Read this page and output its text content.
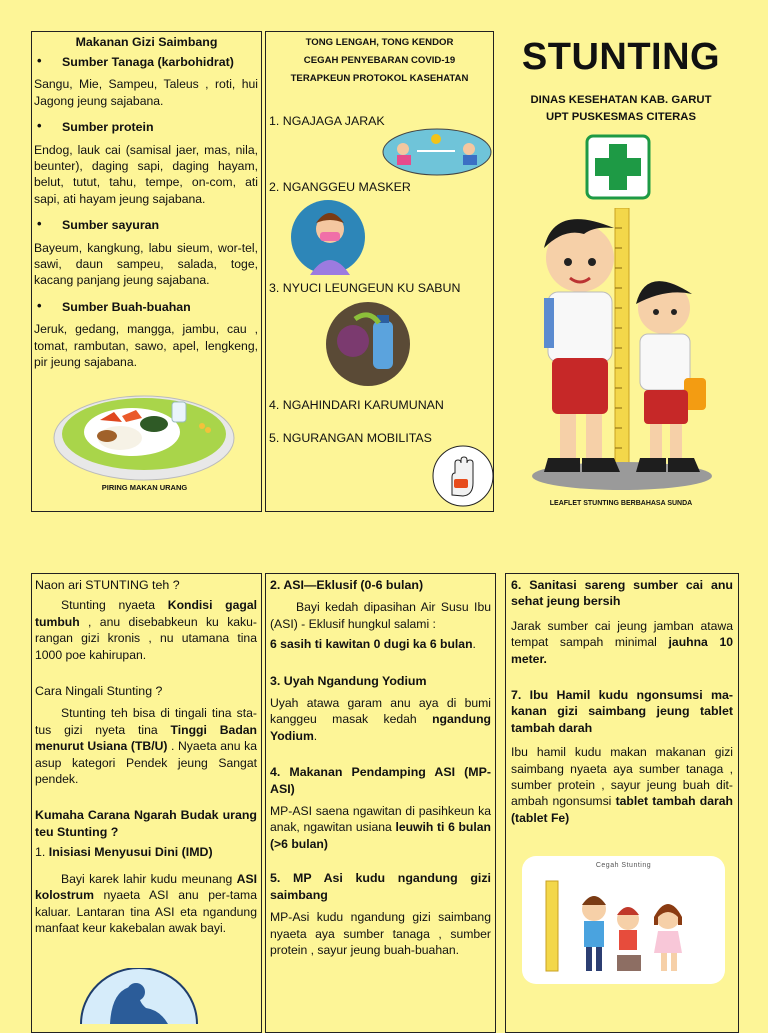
Makanan Gizi Saimbang

• Sumber Tanaga (karbohidrat)

Sangu, Mie, Sampeu, Taleus , roti, hui Jagong jeung sajabana.

• Sumber protein

Endog, lauk cai (samisal jaer, mas, nila, beunter), daging sapi, daging hayam, belut, tutut, tahu, tempe, on-com, ati sapi, ati hayam jeung sajabana.

• Sumber sayuran

Bayeum, kangkung, labu sieum, wor-tel, sawi, daun sampeu, salada, toge, kacang panjang jeung sajabana.

• Sumber Buah-buahan

Jeruk, gedang, mangga, jambu, cau , tomat, rambutan, sawo, apel, lengkeng, pir jeung sajabana.

PIRING MAKAN URANG
TONG LENGAH, TONG KENDOR
CEGAH PENYEBARAN COVID-19
TERAPKEUN PROTOKOL KASEHATAN
1. NGAJAGA JARAK
2. NGANGGEU MASKER
3. NYUCI LEUNGEUN KU SABUN
4. NGAHINDARI KARUMUNAN
5. NGURANGAN MOBILITAS
STUNTING
DINAS KESEHATAN KAB. GARUT
UPT PUSKESMAS CITERAS
LEAFLET STUNTING BERBAHASA SUNDA
Naon ari STUNTING teh ?

Stunting nyaeta Kondisi gagal tumbuh , anu disebabkeun ku kaku-rangan gizi kronis , nu utamana tina 1000 poe kahirupan.

Cara Ningali Stunting ?

Stunting teh bisa di tingali tina sta-tus gizi nyeta tina Tinggi Badan menurut Usiana (TB/U) . Nyaeta anu ka asup kategori Pendek jeung Sangat pendek.

Kumaha Carana Ngarah Budak urang teu Stunting ?
1. Inisiasi Menyusui Dini (IMD)

Bayi karek lahir kudu meunang ASI kolostrum nyaeta ASI anu per-tama kaluar. Lantaran tina ASI eta ngandung manfaat keur kakebalan awak bayi.

2. ASI—Eklusif (0-6 bulan)

Bayi kedah dipasihan Air Susu Ibu (ASI) - Eklusif hungkul salami :

6 sasih ti kawitan 0 dugi ka 6 bulan.
3. Uyah Ngandung Yodium

Uyah atawa garam anu aya di bumi kanggeu masak kedah ngandung Yodium.

4. Makanan Pendamping ASI (MP-ASI)

MP-ASI saena ngawitan di pasihkeun ka anak, ngawitan usiana leuwih ti 6 bulan (>6 bulan)

5. MP Asi kudu ngandung gizi saimbang

MP-Asi kudu ngandung gizi saimbang nyaeta aya sumber tanaga , sumber protein , sayur jeung buah-buahan.

6. Sanitasi sareng sumber cai anu sehat jeung bersih

Jarak sumber cai jeung jamban atawa tempat sampah minimal jauhna 10 meter.

7. Ibu Hamil kudu ngonsumsi ma-kanan gizi saimbang jeung tablet tambah darah

Ibu hamil kudu makan makanan gizi saimbang nyaeta aya sumber tanaga , sumber protein , sayur jeung buah dit-ambah ngonsumsi tablet tambah darah (tablet Fe)

Cegah Stunting
